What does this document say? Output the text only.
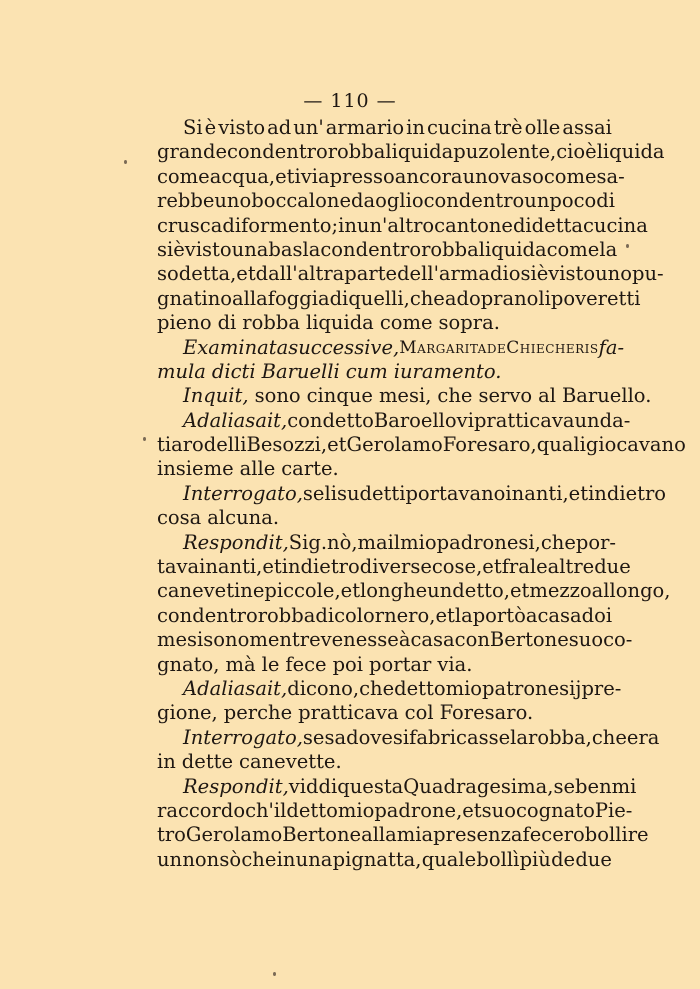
— 110 —
Si è visto ad un' armario in cucina trè olle assai
grande con dentro robba liquida puzolente, cioè liquida
come acqua, et ivi a presso ancora uno vaso come sa-
rebbe uno boccalone da oglio con dentro un poco di
crusca di formento; in un' altro cantone di detta cucina
si è visto una basla con dentro robba liquida come la
sodetta, et dall'altra parte dell'armadio si è visto uno pu-
gnatino alla foggia di quelli, che adoprano li poveretti
pieno di robba liquida come sopra.
Examinata successive, Margarita de Chiecheris fa-
mula dicti Baruelli cum iuramento.
Inquit, sono cinque mesi, che servo al Baruello.
Ad alias ait, con detto Baroello vi pratticava un da-
tiaro delli Besozzi, et Gerolamo Foresaro, quali giocavano
insieme alle carte.
Interrogato, se li sudetti portavano inanti, et indietro
cosa alcuna.
Respondit, Sig. nò, ma il mio padrone si, che por-
tava inanti, et indietro diverse cose, et fra le altre due
canevetine piccole, et longhe un detto, et mezzo al longo,
con dentro robba di color nero, et la portò a casa doi
mesi sono mentre venesse à casa con Bertone suo co-
gnato, mà le fece poi portar via.
Ad alias ait, dicono, che detto mio patrone sij pre-
gione, perche pratticava col Foresaro.
Interrogato, se sa dove si fabricasse la robba, che era
in dette canevette.
Respondit, viddi questa Quadragesima, se ben mi
raccordo ch' il detto mio padrone, et suo cognato Pie-
tro Gerolamo Bertone alla mia presenza fecero bollire
un non sò che in una pignatta, quale bollì più de due
